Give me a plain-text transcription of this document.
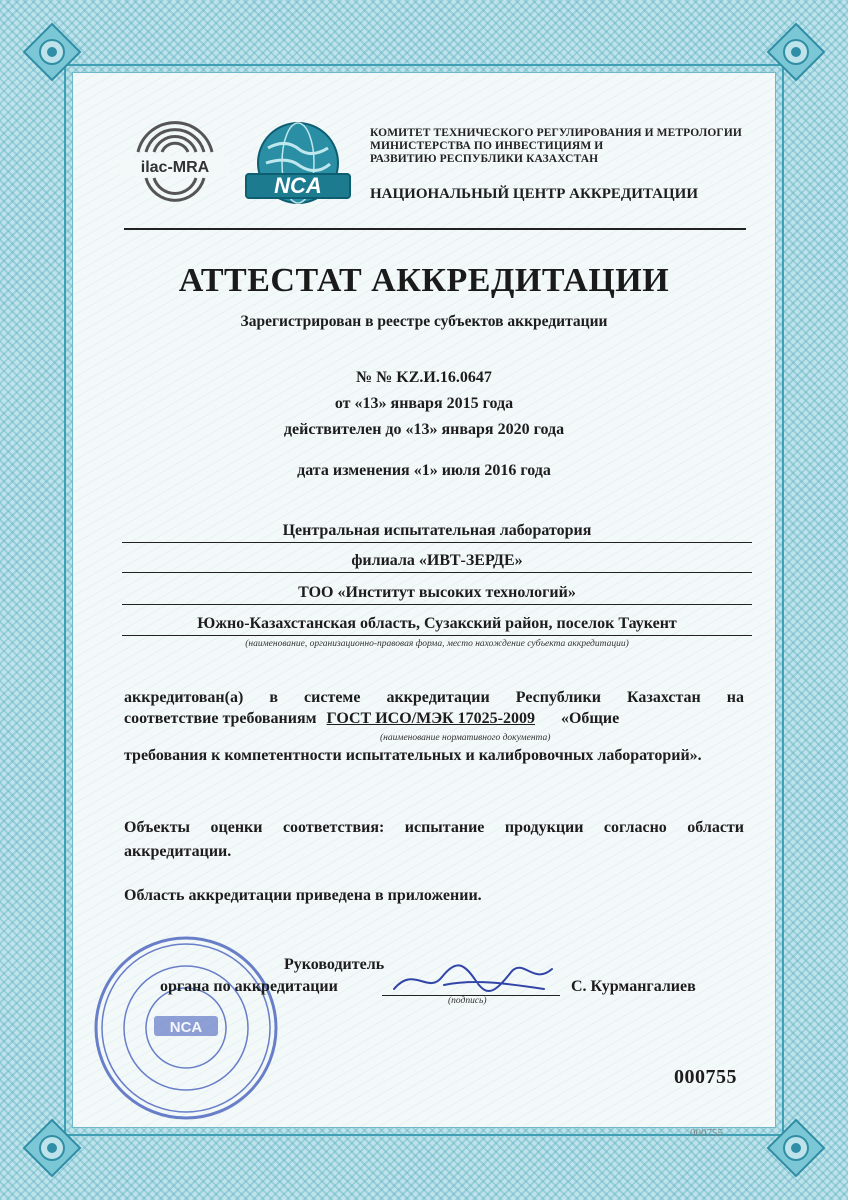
ilac-MRA
NCA
КОМИТЕТ ТЕХНИЧЕСКОГО РЕГУЛИРОВАНИЯ И МЕТРОЛОГИИ
МИНИСТЕРСТВА ПО ИНВЕСТИЦИЯМ И
РАЗВИТИЮ РЕСПУБЛИКИ КАЗАХСТАН
НАЦИОНАЛЬНЫЙ ЦЕНТР АККРЕДИТАЦИИ
АТТЕСТАТ АККРЕДИТАЦИИ
Зарегистрирован в реестре субъектов аккредитации
№ № KZ.И.16.0647
от «13» января 2015 года
действителен до «13» января 2020 года
дата изменения «1» июля 2016 года
Центральная испытательная лаборатория
филиала «ИВТ-ЗЕРДЕ»
ТОО «Институт высоких технологий»
Южно-Казахстанская область, Сузакский район, поселок Таукент
(наименование, организационно-правовая форма, место нахождение субъекта аккредитации)
аккредитован(а) в системе аккредитации Республики Казахстан на
соответствие требованиям ГОСТ ИСО/МЭК 17025-2009 «Общие
(наименование нормативного документа)
требования к компетентности испытательных и калибровочных лабораторий».
Объекты оценки соответствия: испытание продукции согласно области аккредитации.
Область аккредитации приведена в приложении.
NCA
Руководитель
органа по аккредитации
(подпись)
С. Курмангалиев
000755
000755
